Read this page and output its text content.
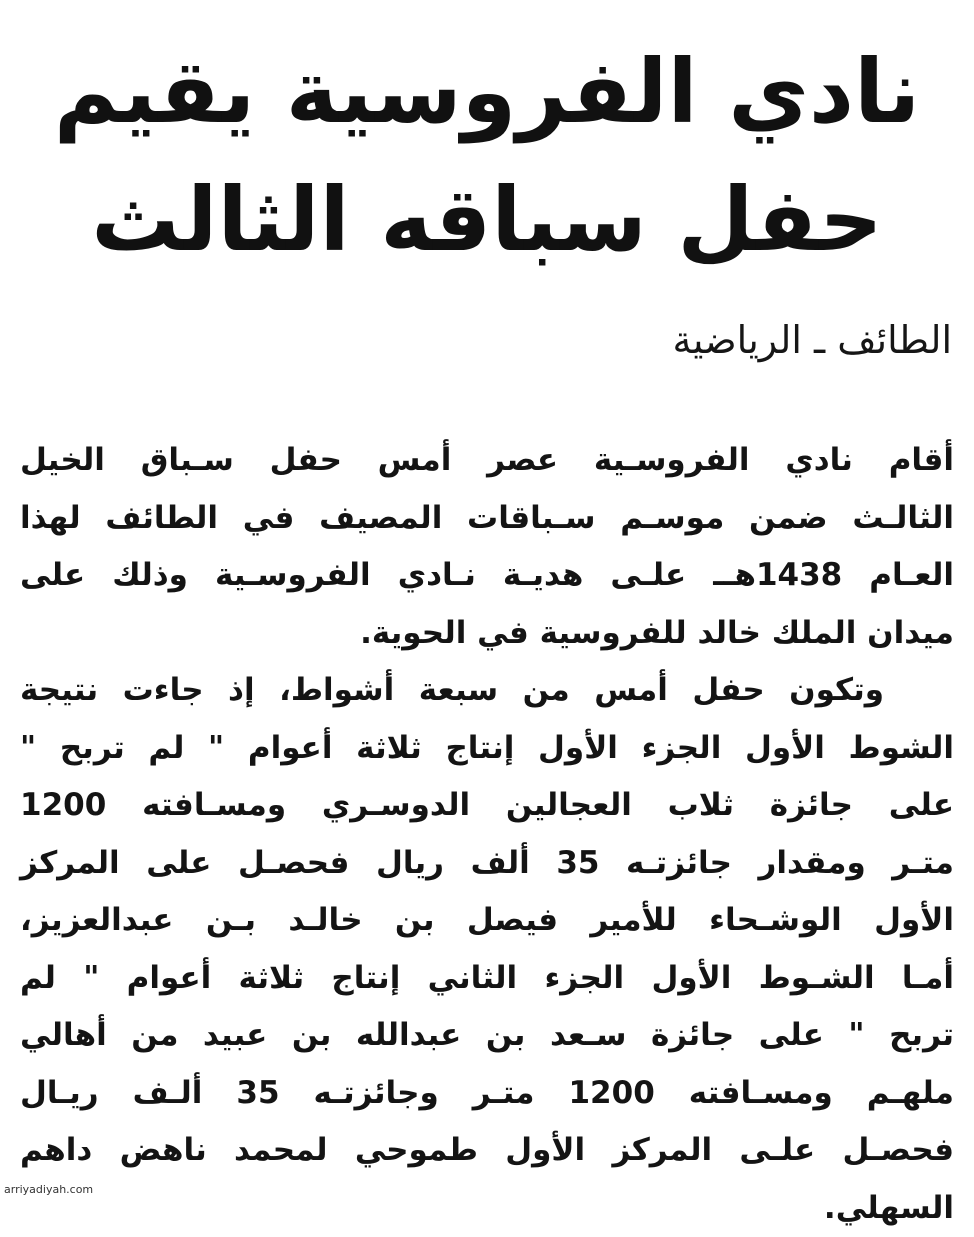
نادي الفروسية يقيم
حفل سباقه الثالث
الطائف ـ الرياضية
أقام نادي الفروسـية عصر أمس حفل سـباق الخيل
الثالـث ضمن موسـم سـباقات المصيف في الطائف لهذا
العـام 1438هــ علـى هديـة نـادي الفروسـية وذلك على
ميدان الملك خالد للفروسية في الحوية.
وتكون حفل أمس من سبعة أشواط، إذ جاءت نتيجة
الشوط الأول الجزء الأول إنتاج ثلاثة أعوام " لم تربح "
على جائزة ثلاب العجالين الدوسـري ومسـافته 1200
متـر ومقدار جائزتـه 35 ألف ريال فحصـل على المركز
الأول الوشـحاء للأمير فيصل بن خالـد بـن عبدالعزيز،
أمـا الشـوط الأول الجزء الثاني إنتاج ثلاثة أعوام " لم
تربح " على جائزة سـعد بن عبدالله بن عبيد من أهالي
ملهـم ومسـافته 1200 متـر وجائزتـه 35 ألـف ريـال
فحصـل علـى المركز الأول طموحي لمحمد ناهض داهم
السهلي.
arriyadiyah.com
